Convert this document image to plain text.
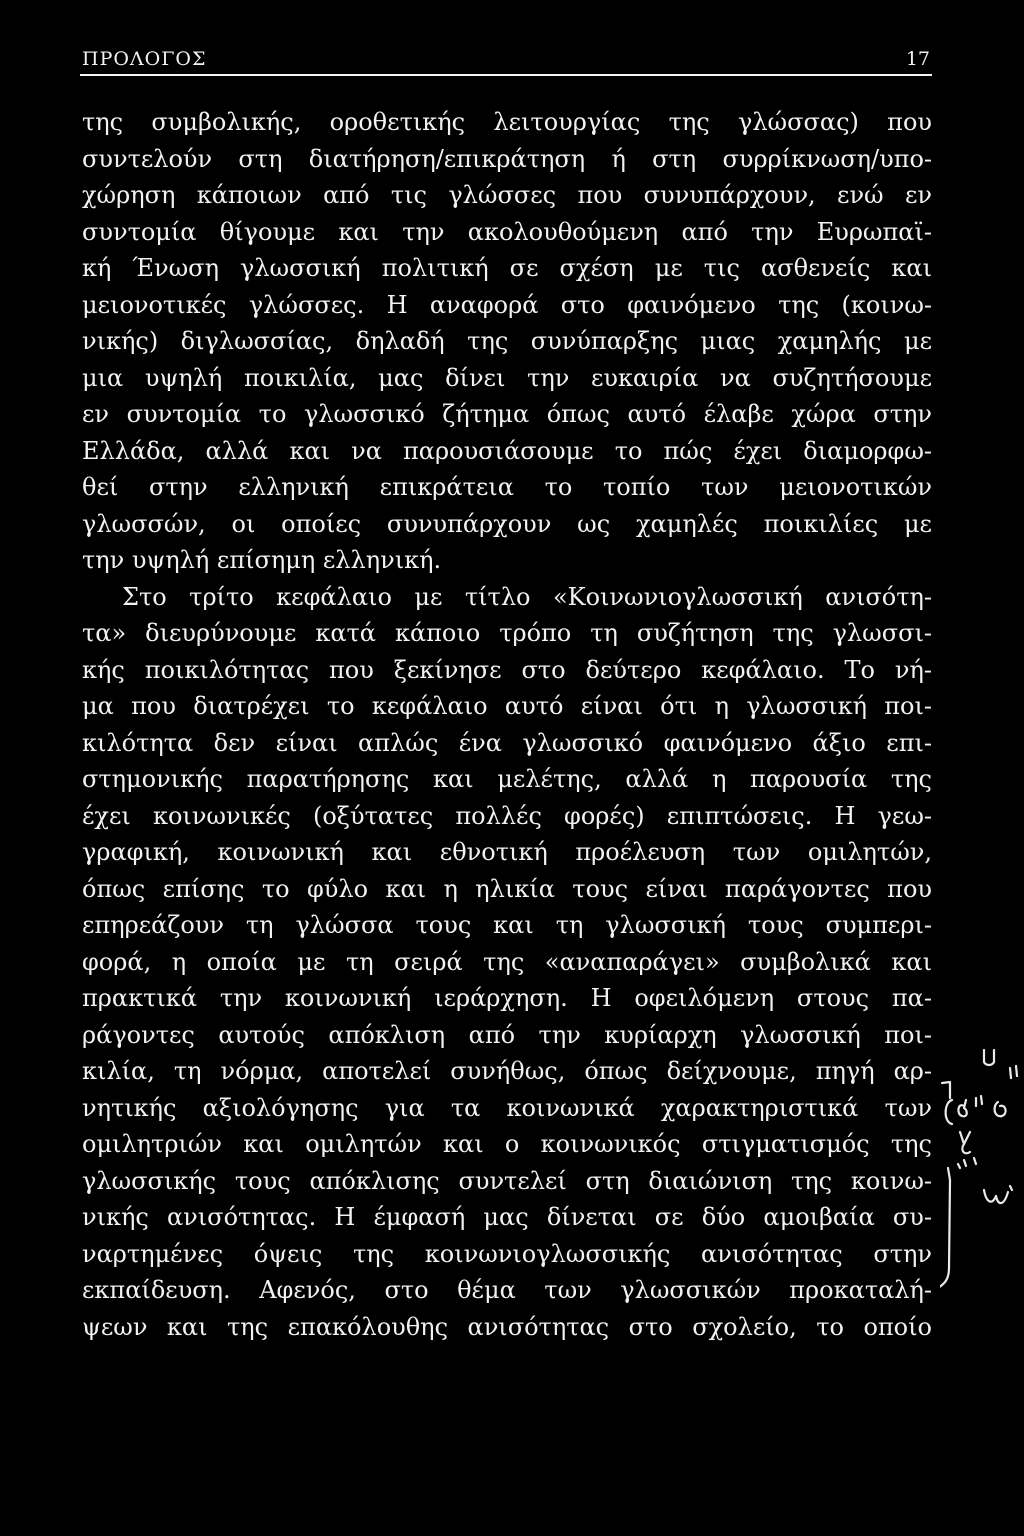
ΠΡΟΛΟΓΟΣ	17
της συμβολικής, οροθετικής λειτουργίας της γλώσσας) που
συντελούν στη διατήρηση/επικράτηση ή στη συρρίκνωση/υπο-
χώρηση κάποιων από τις γλώσσες που συνυπάρχουν, ενώ εν
συντομία θίγουμε και την ακολουθούμενη από την Ευρωπαϊ-
κή Ένωση γλωσσική πολιτική σε σχέση με τις ασθενείς και
μειονοτικές γλώσσες. Η αναφορά στο φαινόμενο της (κοινω-
νικής) διγλωσσίας, δηλαδή της συνύπαρξης μιας χαμηλής με
μια υψηλή ποικιλία, μας δίνει την ευκαιρία να συζητήσουμε
εν συντομία το γλωσσικό ζήτημα όπως αυτό έλαβε χώρα στην
Ελλάδα, αλλά και να παρουσιάσουμε το πώς έχει διαμορφω-
θεί στην ελληνική επικράτεια το τοπίο των μειονοτικών
γλωσσών, οι οποίες συνυπάρχουν ως χαμηλές ποικιλίες με
την υψηλή επίσημη ελληνική.
Στο τρίτο κεφάλαιο με τίτλο «Κοινωνιογλωσσική ανισότη-
τα» διευρύνουμε κατά κάποιο τρόπο τη συζήτηση της γλωσσι-
κής ποικιλότητας που ξεκίνησε στο δεύτερο κεφάλαιο. Το νή-
μα που διατρέχει το κεφάλαιο αυτό είναι ότι η γλωσσική ποι-
κιλότητα δεν είναι απλώς ένα γλωσσικό φαινόμενο άξιο επι-
στημονικής παρατήρησης και μελέτης, αλλά η παρουσία της
έχει κοινωνικές (οξύτατες πολλές φορές) επιπτώσεις. Η γεω-
γραφική, κοινωνική και εθνοτική προέλευση των ομιλητών,
όπως επίσης το φύλο και η ηλικία τους είναι παράγοντες που
επηρεάζουν τη γλώσσα τους και τη γλωσσική τους συμπερι-
φορά, η οποία με τη σειρά της «αναπαράγει» συμβολικά και
πρακτικά την κοινωνική ιεράρχηση. Η οφειλόμενη στους πα-
ράγοντες αυτούς απόκλιση από την κυρίαρχη γλωσσική ποι-
κιλία, τη νόρμα, αποτελεί συνήθως, όπως δείχνουμε, πηγή αρ-
νητικής αξιολόγησης για τα κοινωνικά χαρακτηριστικά των
ομιλητριών και ομιλητών και ο κοινωνικός στιγματισμός της
γλωσσικής τους απόκλισης συντελεί στη διαιώνιση της κοινω-
νικής ανισότητας. Η έμφασή μας δίνεται σε δύο αμοιβαία συ-
ναρτημένες όψεις της κοινωνιογλωσσικής ανισότητας στην
εκπαίδευση. Αφενός, στο θέμα των γλωσσικών προκαταλή-
ψεων και της επακόλουθης ανισότητας στο σχολείο, το οποίο
